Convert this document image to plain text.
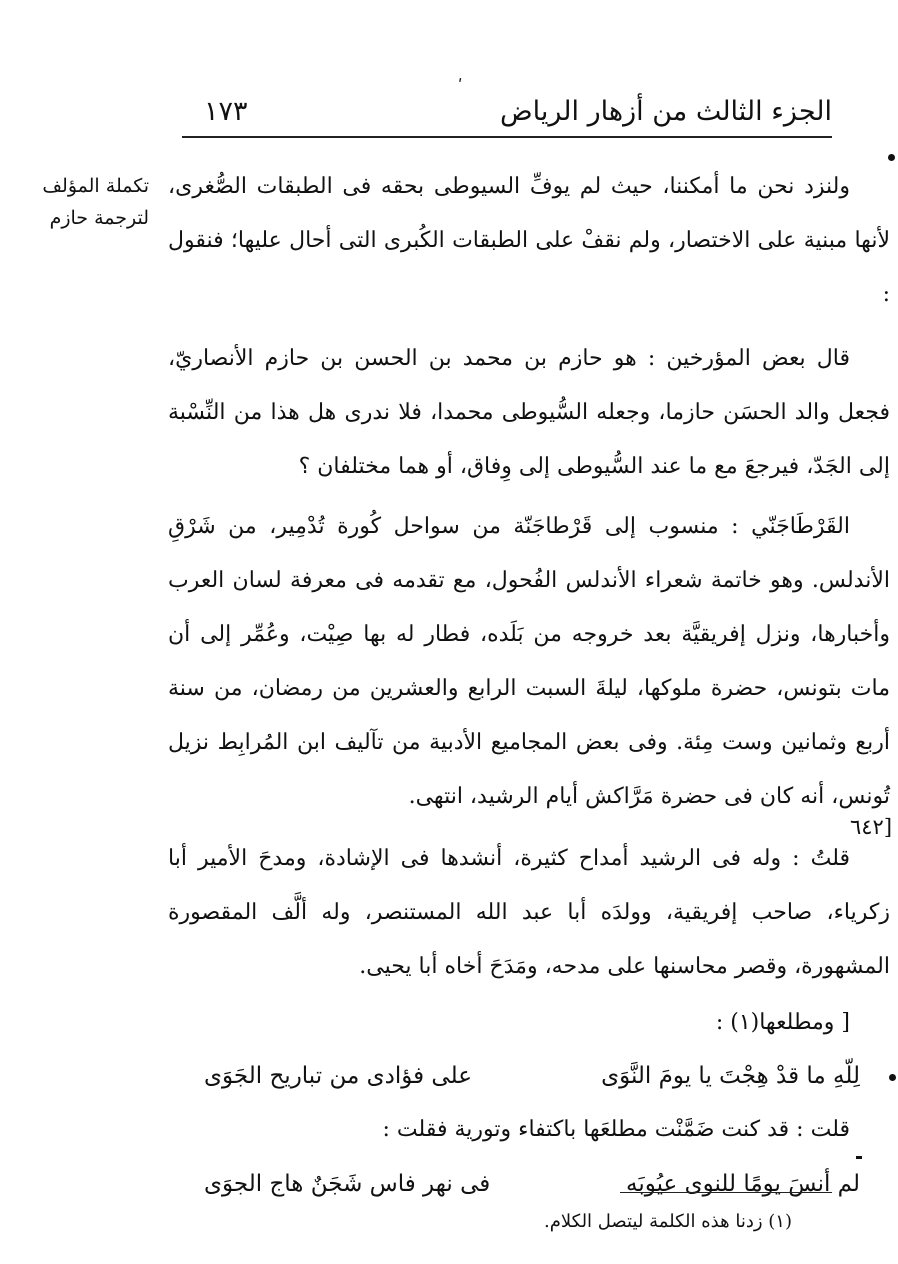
ʹ
الجزء الثالث من أزهار الرياض
١٧٣
تكملة المؤلف
لترجمة حازم
[٦٤٢

ولنزد نحن ما أمكننا، حيث لم يوفِّ السيوطى بحقه فى الطبقات الصُّغرى، لأنها مبنية على الاختصار، ولم نقفْ على الطبقات الكُبرى التى أحال عليها؛ فنقول :

قال بعض المؤرخين : هو حازم بن محمد بن الحسن بن حازم الأنصاريّ، فجعل والد الحسَن حازما، وجعله السُّيوطى محمدا، فلا ندرى هل هذا من النِّسْبة إلى الجَدّ، فيرجعَ مع ما عند السُّيوطى إلى وِفاق، أو هما مختلفان ؟

القَرْطَاجَنّي : منسوب إلى قَرْطاجَنّة من سواحل كُورة تُدْمِير، من شَرْقِ الأندلس. وهو خاتمة شعراء الأندلس الفُحول، مع تقدمه فى معرفة لسان العرب وأخبارها، ونزل إفريقيَّة بعد خروجه من بَلَده، فطار له بها صِيْت، وعُمِّر إلى أن مات بتونس، حضرة ملوكها، ليلةَ السبت الرابع والعشرين من رمضان، من سنة أربع وثمانين وست مِئة. وفى بعض المجاميع الأدبية من تآليف ابن المُرابِط نزيل تُونس، أنه كان فى حضرة مَرَّاكش أيام الرشيد، انتهى.

قلتُ : وله فى الرشيد أمداح كثيرة، أنشدها فى الإشادة، ومدحَ الأمير أبا زكرياء، صاحب إفريقية، وولدَه أبا عبد الله المستنصر، وله ألَّف المقصورة المشهورة، وقصر محاسنها على مدحه، ومَدَحَ أخاه أبا يحيى.

[ ومطلعها(١) :
لِلّهِ ما قدْ هِجْتَ يا يومَ النَّوَى
على فؤادى من تباريح الجَوَى
قلت : قد كنت ضَمَّنْت مطلعَها باكتفاء وتورية فقلت :
لم أنسَ يومًا للنوى عيُوبَه
فى نهر فاس شَجَنٌ هاج الجوَى
(١) زدنا هذه الكلمة ليتصل الكلام.
